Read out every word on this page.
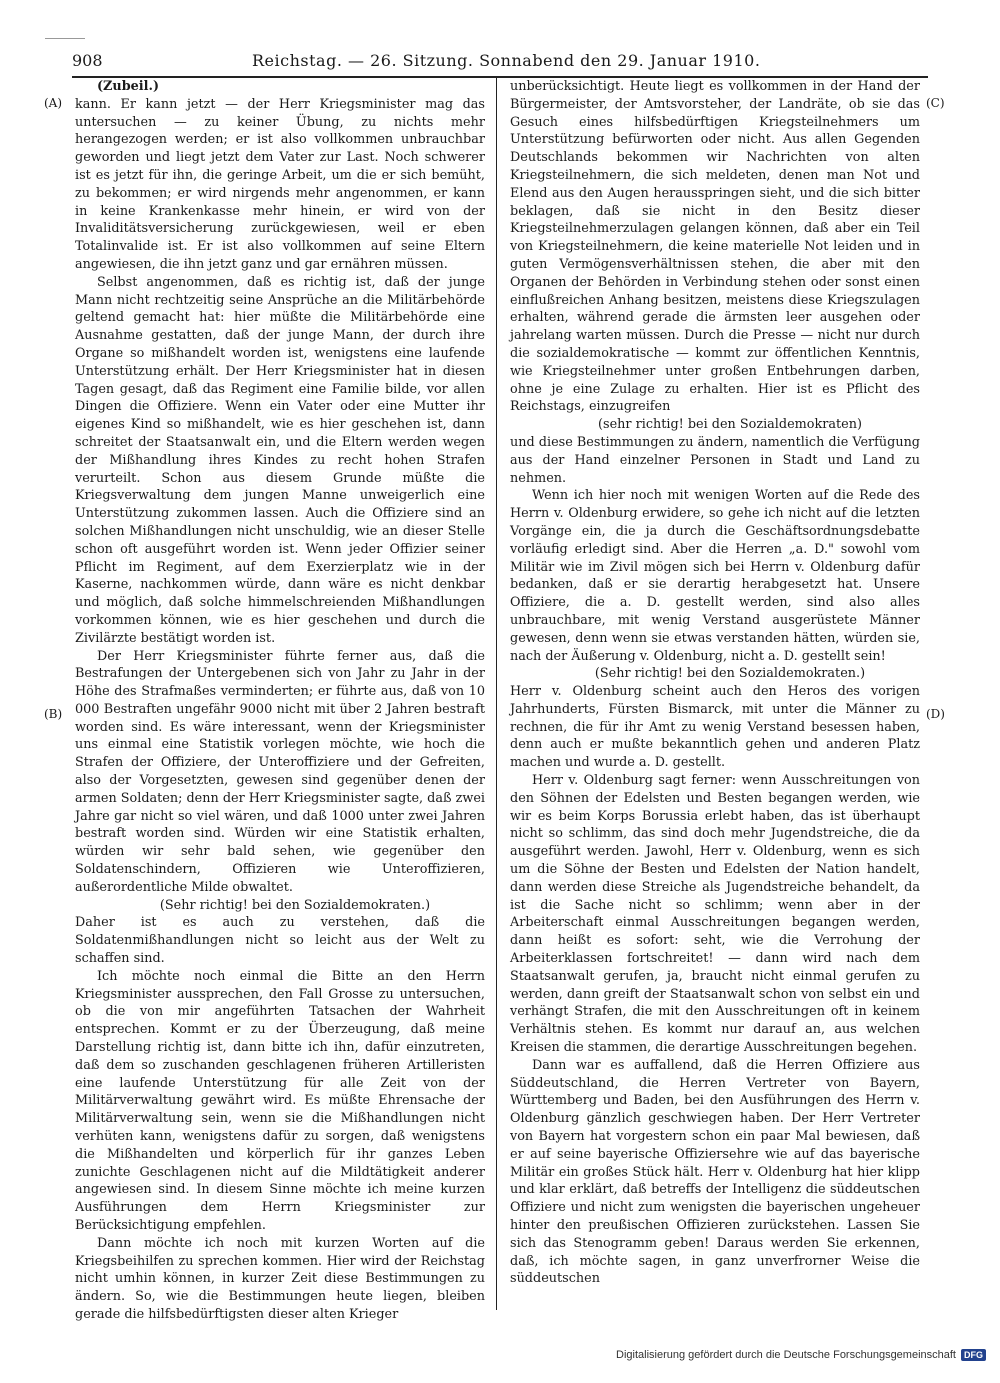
908	Reichstag. — 26. Sitzung. Sonnabend den 29. Januar 1910.
(A)
(B)
(C)
(D)

(Zubeil.)

kann. Er kann jetzt — der Herr Kriegsminister mag das untersuchen — zu keiner Übung, zu nichts mehr herangezogen werden; er ist also vollkommen unbrauchbar geworden und liegt jetzt dem Vater zur Last. Noch schwerer ist es jetzt für ihn, die geringe Arbeit, um die er sich bemüht, zu bekommen; er wird nirgends mehr angenommen, er kann in keine Krankenkasse mehr hinein, er wird von der Invaliditätsversicherung zurückgewiesen, weil er eben Totalinvalide ist. Er ist also vollkommen auf seine Eltern angewiesen, die ihn jetzt ganz und gar ernähren müssen.

Selbst angenommen, daß es richtig ist, daß der junge Mann nicht rechtzeitig seine Ansprüche an die Militärbehörde geltend gemacht hat: hier müßte die Militärbehörde eine Ausnahme gestatten, daß der junge Mann, der durch ihre Organe so mißhandelt worden ist, wenigstens eine laufende Unterstützung erhält. Der Herr Kriegsminister hat in diesen Tagen gesagt, daß das Regiment eine Familie bilde, vor allen Dingen die Offiziere. Wenn ein Vater oder eine Mutter ihr eigenes Kind so mißhandelt, wie es hier geschehen ist, dann schreitet der Staatsanwalt ein, und die Eltern werden wegen der Mißhandlung ihres Kindes zu recht hohen Strafen verurteilt. Schon aus diesem Grunde müßte die Kriegsverwaltung dem jungen Manne unweigerlich eine Unterstützung zukommen lassen. Auch die Offiziere sind an solchen Mißhandlungen nicht unschuldig, wie an dieser Stelle schon oft ausgeführt worden ist. Wenn jeder Offizier seiner Pflicht im Regiment, auf dem Exerzierplatz wie in der Kaserne, nachkommen würde, dann wäre es nicht denkbar und möglich, daß solche himmelschreienden Mißhandlungen vorkommen können, wie es hier geschehen und durch die Zivilärzte bestätigt worden ist.

Der Herr Kriegsminister führte ferner aus, daß die Bestrafungen der Untergebenen sich von Jahr zu Jahr in der Höhe des Strafmaßes verminderten; er führte aus, daß von 10 000 Bestraften ungefähr 9000 nicht mit über 2 Jahren bestraft worden sind. Es wäre interessant, wenn der Kriegsminister uns einmal eine Statistik vorlegen möchte, wie hoch die Strafen der Offiziere, der Unteroffiziere und der Gefreiten, also der Vorgesetzten, gewesen sind gegenüber denen der armen Soldaten; denn der Herr Kriegsminister sagte, daß zwei Jahre gar nicht so viel wären, und daß 1000 unter zwei Jahren bestraft worden sind. Würden wir eine Statistik erhalten, würden wir sehr bald sehen, wie gegenüber den Soldatenschindern, Offizieren wie Unteroffizieren, außerordentliche Milde obwaltet.

(Sehr richtig! bei den Sozialdemokraten.)

Daher ist es auch zu verstehen, daß die Soldatenmißhandlungen nicht so leicht aus der Welt zu schaffen sind.

Ich möchte noch einmal die Bitte an den Herrn Kriegsminister aussprechen, den Fall Grosse zu untersuchen, ob die von mir angeführten Tatsachen der Wahrheit entsprechen. Kommt er zu der Überzeugung, daß meine Darstellung richtig ist, dann bitte ich ihn, dafür einzutreten, daß dem so zuschanden geschlagenen früheren Artilleristen eine laufende Unterstützung für alle Zeit von der Militärverwaltung gewährt wird. Es müßte Ehrensache der Militärverwaltung sein, wenn sie die Mißhandlungen nicht verhüten kann, wenigstens dafür zu sorgen, daß wenigstens die Mißhandelten und körperlich für ihr ganzes Leben zunichte Geschlagenen nicht auf die Mildtätigkeit anderer angewiesen sind. In diesem Sinne möchte ich meine kurzen Ausführungen dem Herrn Kriegsminister zur Berücksichtigung empfehlen.

Dann möchte ich noch mit kurzen Worten auf die Kriegsbeihilfen zu sprechen kommen. Hier wird der Reichstag nicht umhin können, in kurzer Zeit diese Bestimmungen zu ändern. So, wie die Bestimmungen heute liegen, bleiben gerade die hilfsbedürftigsten dieser alten Krieger

unberücksichtigt. Heute liegt es vollkommen in der Hand der Bürgermeister, der Amtsvorsteher, der Landräte, ob sie das Gesuch eines hilfsbedürftigen Kriegsteilnehmers um Unterstützung befürworten oder nicht. Aus allen Gegenden Deutschlands bekommen wir Nachrichten von alten Kriegsteilnehmern, die sich meldeten, denen man Not und Elend aus den Augen herausspringen sieht, und die sich bitter beklagen, daß sie nicht in den Besitz dieser Kriegsteilnehmerzulagen gelangen können, daß aber ein Teil von Kriegsteilnehmern, die keine materielle Not leiden und in guten Vermögensverhältnissen stehen, die aber mit den Organen der Behörden in Verbindung stehen oder sonst einen einflußreichen Anhang besitzen, meistens diese Kriegszulagen erhalten, während gerade die ärmsten leer ausgehen oder jahrelang warten müssen. Durch die Presse — nicht nur durch die sozialdemokratische — kommt zur öffentlichen Kenntnis, wie Kriegsteilnehmer unter großen Entbehrungen darben, ohne je eine Zulage zu erhalten. Hier ist es Pflicht des Reichstags, einzugreifen

(sehr richtig! bei den Sozialdemokraten)

und diese Bestimmungen zu ändern, namentlich die Verfügung aus der Hand einzelner Personen in Stadt und Land zu nehmen.

Wenn ich hier noch mit wenigen Worten auf die Rede des Herrn v. Oldenburg erwidere, so gehe ich nicht auf die letzten Vorgänge ein, die ja durch die Geschäftsordnungsdebatte vorläufig erledigt sind. Aber die Herren „a. D." sowohl vom Militär wie im Zivil mögen sich bei Herrn v. Oldenburg dafür bedanken, daß er sie derartig herabgesetzt hat. Unsere Offiziere, die a. D. gestellt werden, sind also alles unbrauchbare, mit wenig Verstand ausgerüstete Männer gewesen, denn wenn sie etwas verstanden hätten, würden sie, nach der Äußerung v. Oldenburg, nicht a. D. gestellt sein!

(Sehr richtig! bei den Sozialdemokraten.)

Herr v. Oldenburg scheint auch den Heros des vorigen Jahrhunderts, Fürsten Bismarck, mit unter die Männer zu rechnen, die für ihr Amt zu wenig Verstand besessen haben, denn auch er mußte bekanntlich gehen und anderen Platz machen und wurde a. D. gestellt.

Herr v. Oldenburg sagt ferner: wenn Ausschreitungen von den Söhnen der Edelsten und Besten begangen werden, wie wir es beim Korps Borussia erlebt haben, das ist überhaupt nicht so schlimm, das sind doch mehr Jugendstreiche, die da ausgeführt werden. Jawohl, Herr v. Oldenburg, wenn es sich um die Söhne der Besten und Edelsten der Nation handelt, dann werden diese Streiche als Jugendstreiche behandelt, da ist die Sache nicht so schlimm; wenn aber in der Arbeiterschaft einmal Ausschreitungen begangen werden, dann heißt es sofort: seht, wie die Verrohung der Arbeiterklassen fortschreitet! — dann wird nach dem Staatsanwalt gerufen, ja, braucht nicht einmal gerufen zu werden, dann greift der Staatsanwalt schon von selbst ein und verhängt Strafen, die mit den Ausschreitungen oft in keinem Verhältnis stehen. Es kommt nur darauf an, aus welchen Kreisen die stammen, die derartige Ausschreitungen begehen.

Dann war es auffallend, daß die Herren Offiziere aus Süddeutschland, die Herren Vertreter von Bayern, Württemberg und Baden, bei den Ausführungen des Herrn v. Oldenburg gänzlich geschwiegen haben. Der Herr Vertreter von Bayern hat vorgestern schon ein paar Mal bewiesen, daß er auf seine bayerische Offiziersehre wie auf das bayerische Militär ein großes Stück hält. Herr v. Oldenburg hat hier klipp und klar erklärt, daß betreffs der Intelligenz die süddeutschen Offiziere und nicht zum wenigsten die bayerischen ungeheuer hinter den preußischen Offizieren zurückstehen. Lassen Sie sich das Stenogramm geben! Daraus werden Sie erkennen, daß, ich möchte sagen, in ganz unverfrorner Weise die süddeutschen

Digitalisierung gefördert durch die Deutsche Forschungsgemeinschaft DFG
